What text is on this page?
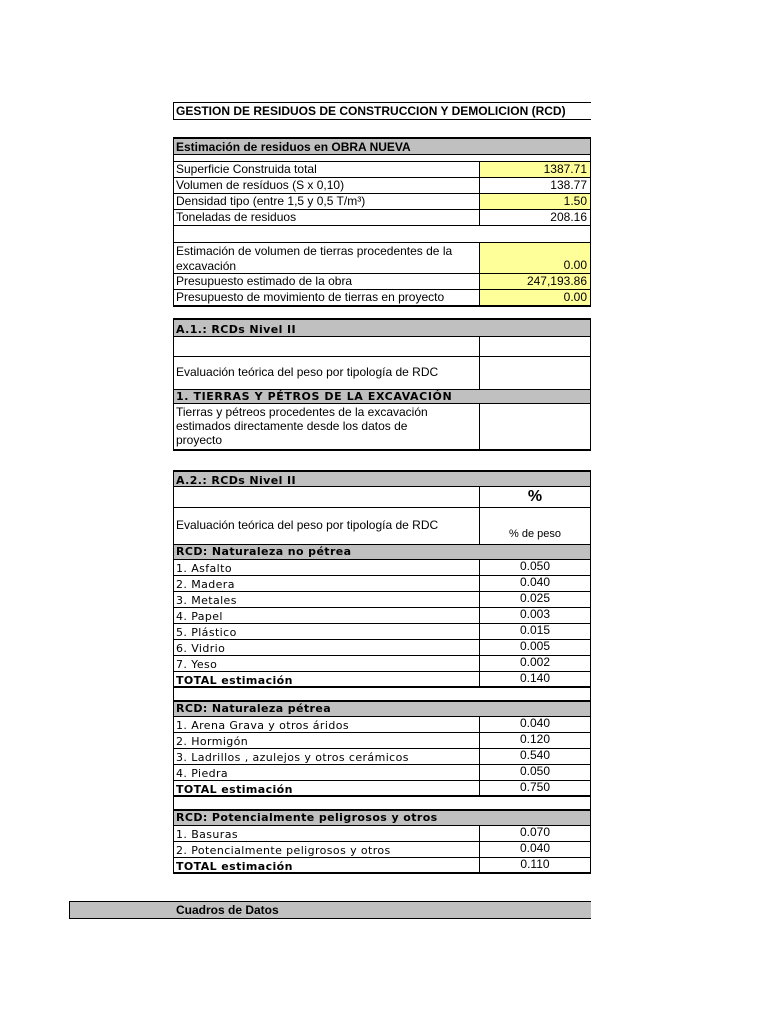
GESTION DE RESIDUOS DE CONSTRUCCION Y DEMOLICION (RCD)
Estimación de residuos en OBRA NUEVA
Superficie Construida total	1387.71
Volumen de resíduos (S x 0,10)	138.77
Densidad tipo (entre 1,5 y 0,5 T/m³)	1.50
Toneladas de residuos	208.16
Estimación de volumen de tierras procedentes de la
excavación	0.00
Presupuesto estimado de la obra	247,193.86
Presupuesto de movimiento de tierras en proyecto	0.00
A.1.: RCDs Nivel II
Evaluación teórica del peso por tipología de RDC
1. TIERRAS Y PÉTROS DE LA EXCAVACIÓN
Tierras y pétreos procedentes de la excavación
estimados directamente desde los datos de
proyecto
A.2.: RCDs Nivel II
%
Evaluación teórica del peso por tipología de RDC
% de peso
RCD: Naturaleza no pétrea
1. Asfalto	0.050
2. Madera	0.040
3. Metales	0.025
4. Papel	0.003
5. Plástico	0.015
6. Vidrio	0.005
7. Yeso	0.002
TOTAL estimación	0.140
RCD: Naturaleza pétrea
1. Arena Grava y otros áridos	0.040
2. Hormigón	0.120
3. Ladrillos , azulejos y otros cerámicos	0.540
4. Piedra	0.050
TOTAL estimación	0.750
RCD: Potencialmente peligrosos y otros
1. Basuras	0.070
2. Potencialmente peligrosos y otros	0.040
TOTAL estimación	0.110
Cuadros de Datos
